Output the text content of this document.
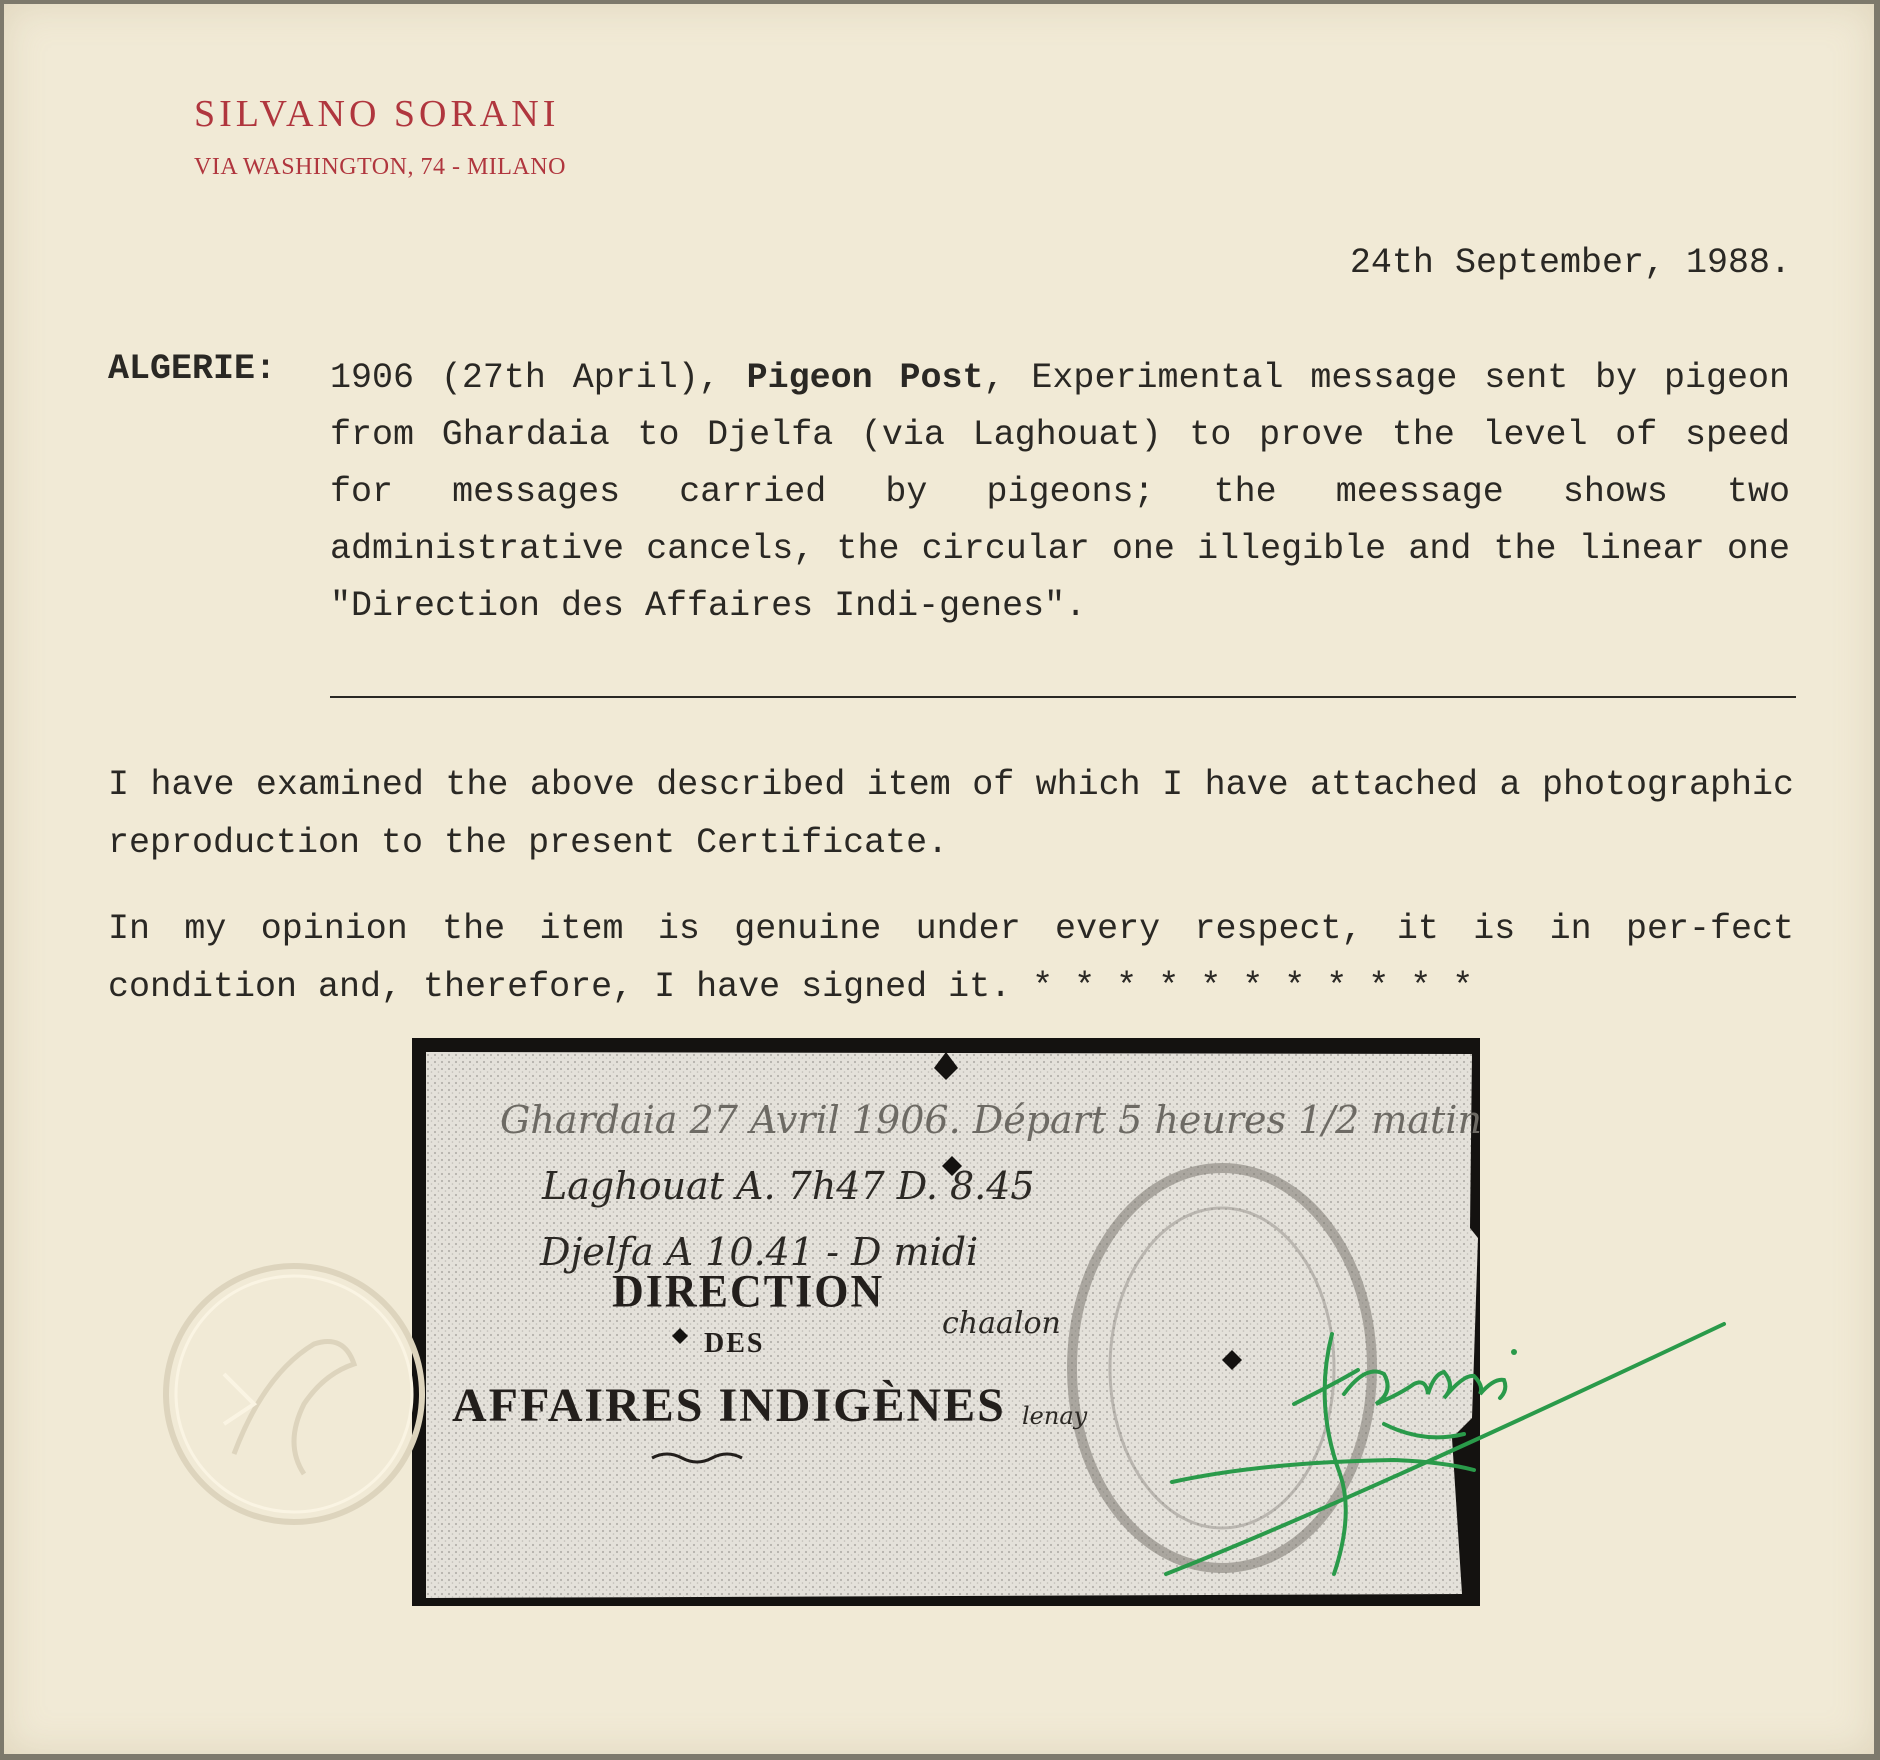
SILVANO SORANI
VIA WASHINGTON, 74 - MILANO
24th September, 1988.
ALGERIE: 1906 (27th April), Pigeon Post, Experimental message sent by pigeon from Ghardaia to Djelfa (via Laghouat) to prove the level of speed for messages carried by pigeons; the meessage shows two administrative cancels, the circular one illegible and the linear one "Direction des Affaires Indi-genes".
I have examined the above described item of which I have attached a photographic reproduction to the present Certificate.
In my opinion the item is genuine under every respect, it is in per-fect condition and, therefore, I have signed it. * * * * * * * * * * *
DIRECTION
DES
AFFAIRES INDIGÈNES
Ghardaia 27 Avril 1906. Départ 5 heures 1/2 matin
Laghouat A. 7h47 D. 8.45
Djelfa A 10.41 - D midi
chaalon
lenay
